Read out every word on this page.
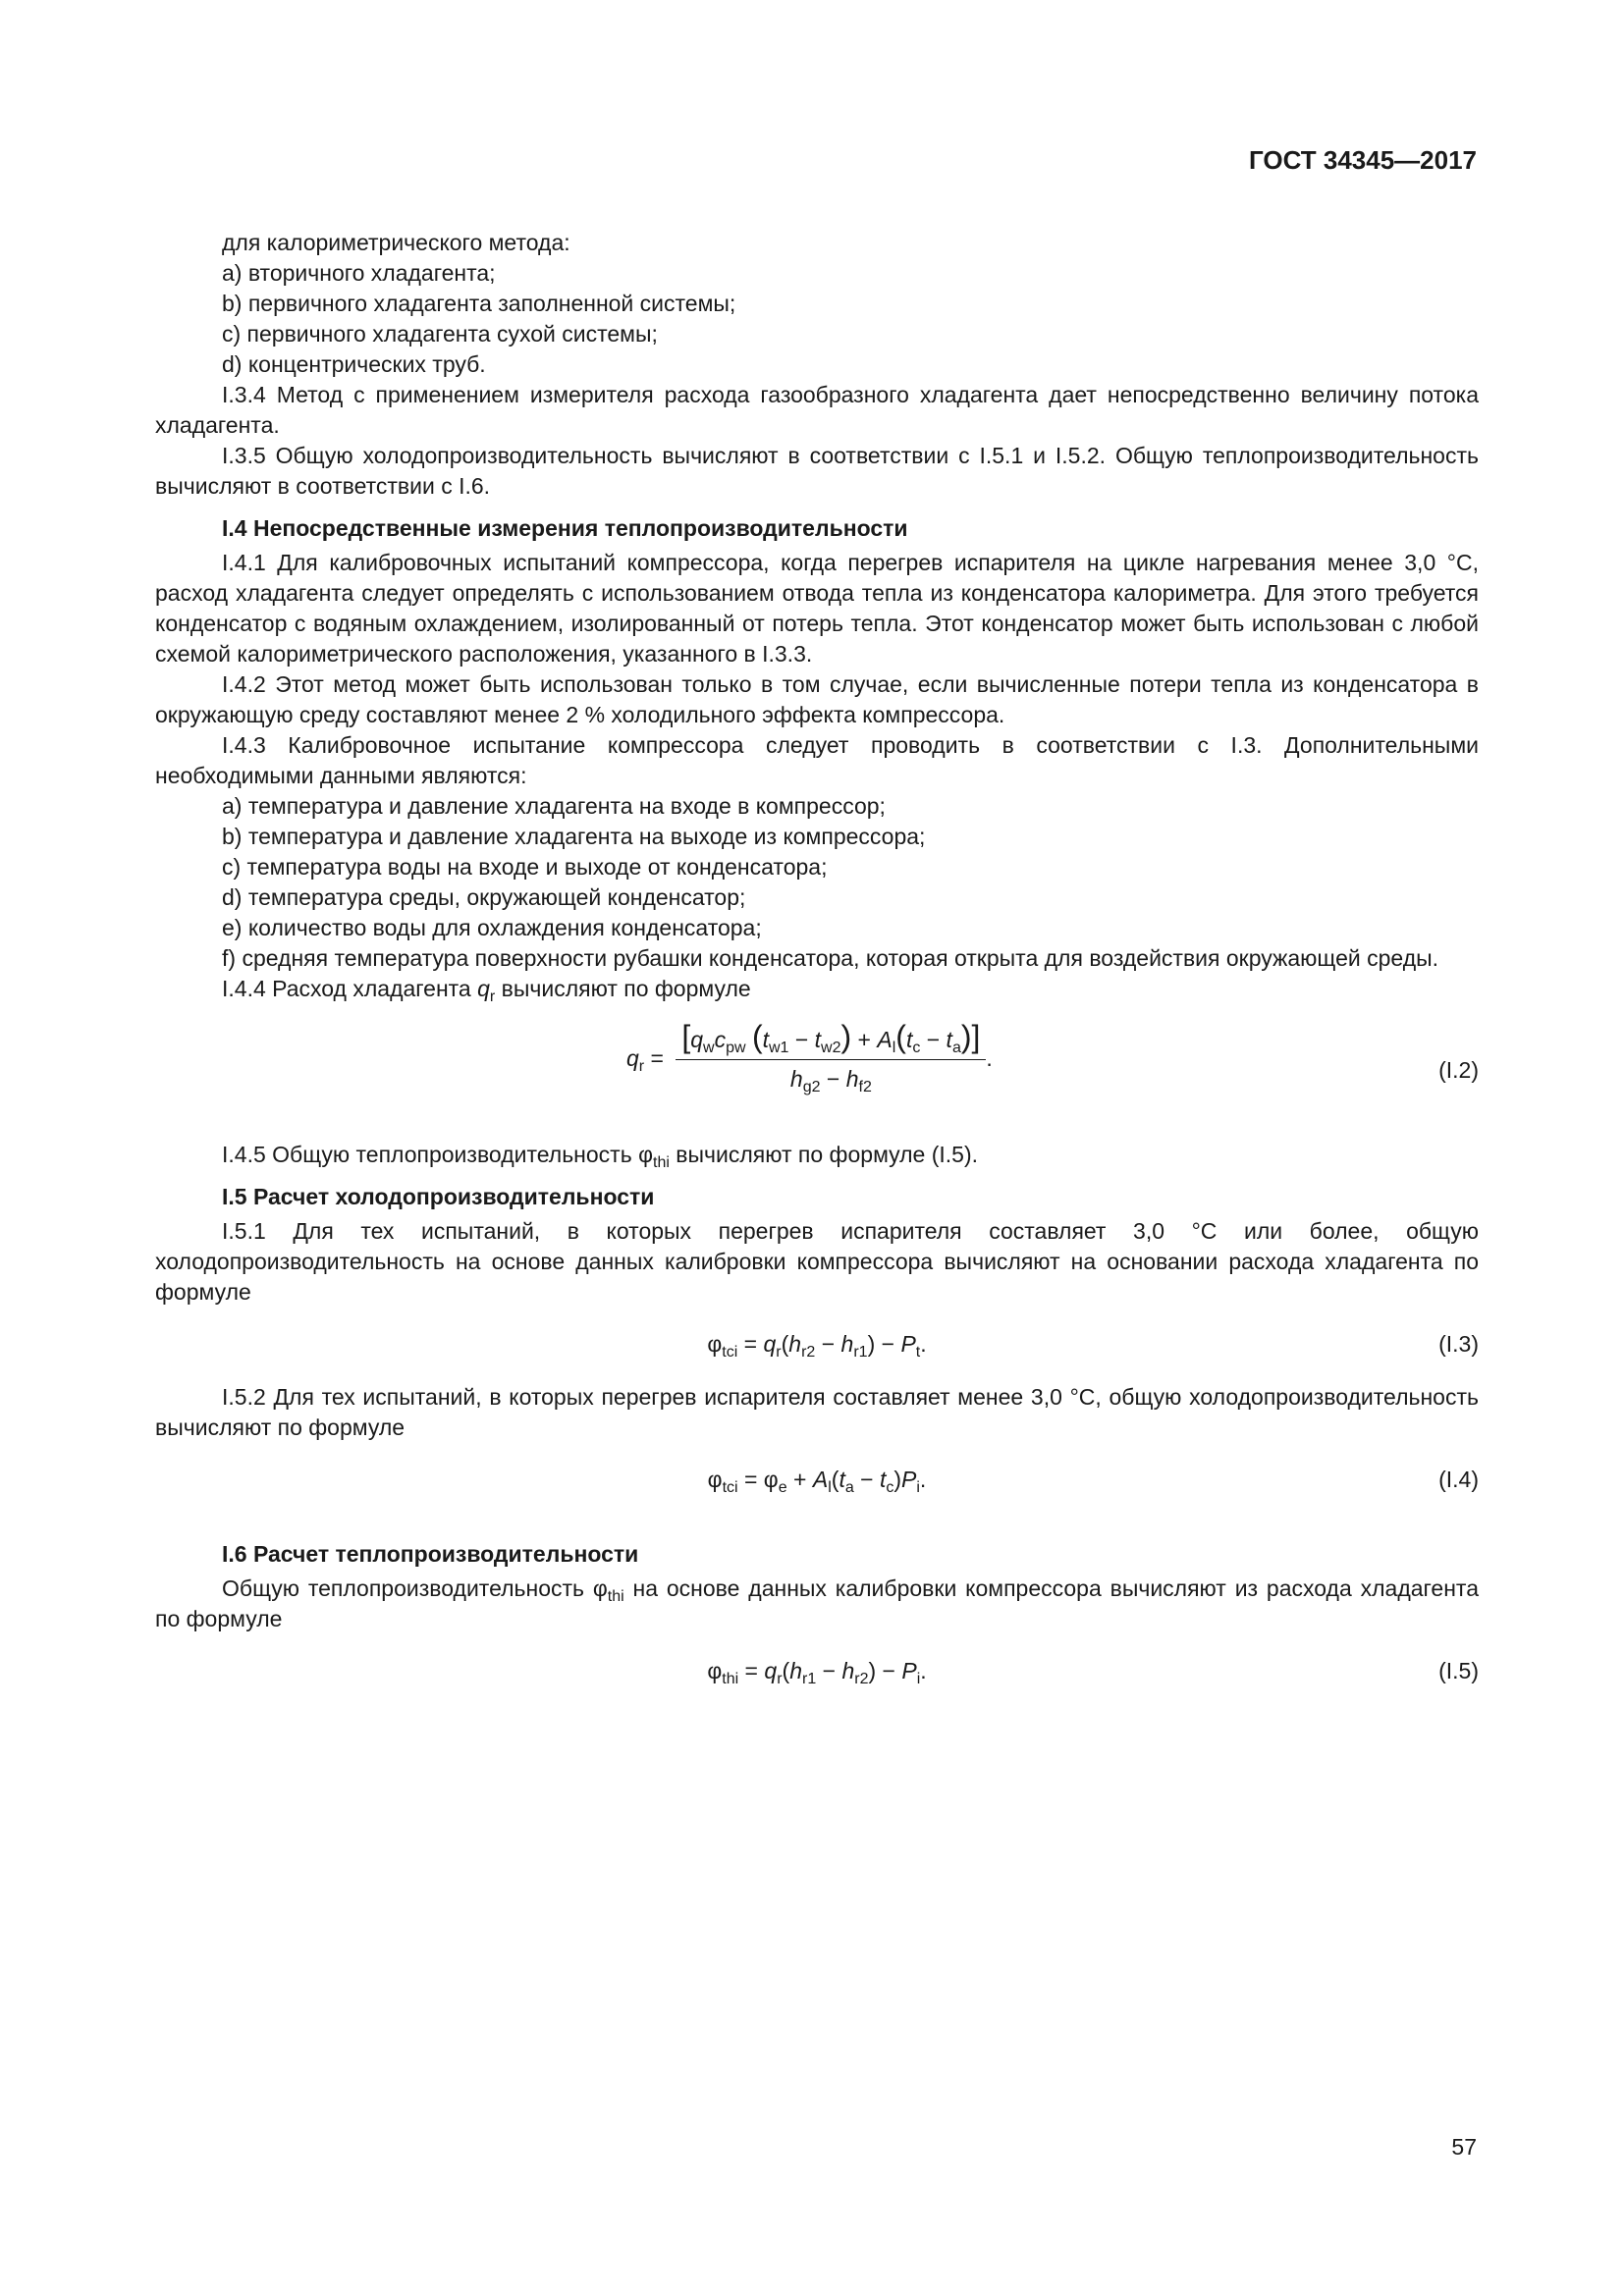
ГОСТ 34345—2017

для калориметрического метода:

a) вторичного хладагента;

b) первичного хладагента заполненной системы;

c) первичного хладагента сухой системы;

d) концентрических труб.

I.3.4 Метод с применением измерителя расхода газообразного хладагента дает непосредственно величину потока хладагента.

I.3.5 Общую холодопроизводительность вычисляют в соответствии с I.5.1 и I.5.2. Общую теплопроизводительность вычисляют в соответствии с I.6.

I.4 Непосредственные измерения теплопроизводительности

I.4.1 Для калибровочных испытаний компрессора, когда перегрев испарителя на цикле нагревания менее 3,0 °С, расход хладагента следует определять с использованием отвода тепла из конденсатора калориметра. Для этого требуется конденсатор с водяным охлаждением, изолированный от потерь тепла. Этот конденсатор может быть использован с любой схемой калориметрического расположения, указанного в I.3.3.

I.4.2 Этот метод может быть использован только в том случае, если вычисленные потери тепла из конденсатора в окружающую среду составляют менее 2 % холодильного эффекта компрессора.

I.4.3 Калибровочное испытание компрессора следует проводить в соответствии с I.3. Дополнительными необходимыми данными являются:

a) температура и давление хладагента на входе в компрессор;

b) температура и давление хладагента на выходе из компрессора;

c) температура воды на входе и выходе от конденсатора;

d) температура среды, окружающей конденсатор;

e) количество воды для охлаждения конденсатора;

f) средняя температура поверхности рубашки конденсатора, которая открыта для воздействия окружающей среды.

I.4.4 Расход хладагента $q_r$ вычисляют по формуле

$q_r = \frac{[q_wc_{pw} (t_{w1} - t_{w2}) + A_l(t_c - t_a)]}{h_{g2} - h_{f2}}$ .	(I.2)

I.4.5 Общую теплопроизводительность $\varphi_{thi}$ вычисляют по формуле (I.5).

I.5 Расчет холодопроизводительности

I.5.1 Для тех испытаний, в которых перегрев испарителя составляет 3,0 °С или более, общую холодопроизводительность на основе данных калибровки компрессора вычисляют на основании расхода хладагента по формуле

$\varphi_{tci} = q_r(h_{r2} - h_{r1}) - P_t$.	(I.3)

I.5.2 Для тех испытаний, в которых перегрев испарителя составляет менее 3,0 °С, общую холодопроизводительность вычисляют по формуле

$\varphi_{tci} = \varphi_e + A_l(t_a - t_c)P_i$.	(I.4)
I.6 Расчет теплопроизводительности

Общую теплопроизводительность $\varphi_{thi}$ на основе данных калибровки компрессора вычисляют из расхода хладагента по формуле

$\varphi_{thi} = q_r(h_{r1} - h_{r2}) - P_i$.	(I.5)
57
